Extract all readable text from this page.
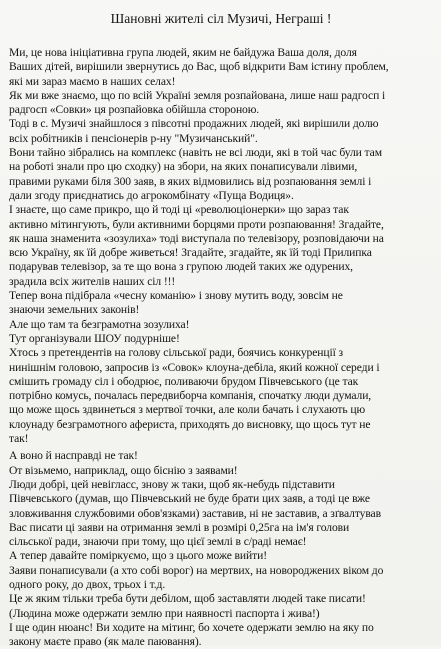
Шановні жителі сіл Музичі, Неграші !
Ми, це нова ініціативна група людей, яким не байдужа Ваша доля, доля
Ваших дітей, вирішили звернутись до Вас, щоб відкрити Вам істину проблем,
які ми зараз маємо в наших селах!
Як ми вже знаємо, що по всій Україні земля розпайована, лише наш радгосп і
радгосп «Совки» ця розпайовка обійшла стороною.
Тоді в с. Музичі знайшлося з півсотні продажних людей, які вирішили долю
всіх робітників і пенсіонерів р-ну "Музичанський".
Вони тайно зібрались на комплекс (навіть не всі люди, які в той час були там
на роботі знали про цю сходку) на збори, на яких понаписували лівими,
правими руками біля 300 заяв, в яких відмовились від розпаювання землі і
дали згоду приєднатись до агрокомбінату «Пуща Водиця».
І знаєте, що саме прикро, що й тоді ці «революціонерки» що зараз так
активно мітингують, були активними борцями проти розпаювання! Згадайте,
як наша знаменита «зозулиха» тоді виступала по телевізору, розповідаючи на
всю Україну, як їй добре живеться! Згадайте, згадайте, як їй тоді Прилипка
подарував телевізор, за те що вона з групою людей таких же одурених,
зрадила всіх жителів наших сіл !!!
Тепер вона підібрала «чесну команію» і знову мутить воду, зовсім не
знаючи земельних законів!
Але що там та безграмотна зозулиха!
Тут організували ШОУ подурніше!
Хтось з претендентів на голову сільської ради, боячись конкуренції з
нинішнім головою, запросив із «Совок» клоуна-дебіла, який кожної середи і
смішить громаду сіл і ободрює, поливаючи брудом Півчевського (це так
потрібно комусь, почалась передвиборча компанія, спочатку люди думали,
що може щось здвинеться з мертвої точки, але коли бачать і слухають цю
клоунаду безграмотного афериста, приходять до висновку, що щось тут не
так!
А воно й насправді не так!
От візьмемо, наприклад, ощо біснію з заявами!
Люди добрі, цей невігласс, знову ж таки, щоб як-небудь підставити
Півчевського (думав, що Півчевський не буде брати цих заяв, а тоді це вже
зловживання службовими обов'язками) заставив, ні не заставив, а зґвалтував
Вас писати ці заяви на отримання землі в розмірі 0,25га на ім'я голови
сільської ради, знаючи при тому, що цієї землі в с/раді немає!
А тепер давайте поміркуємо, що з цього може вийти!
Заяви понаписували (а хто собі ворог) на мертвих, на новороджених віком до
одного року, до двох, трьох і т.д.
Це ж яким тільки треба бути дебілом, щоб заставляти людей таке писати!
(Людина може одержати землю при наявності паспорта і жива!)
І ще один нюанс! Ви ходите на мітинг, бо хочете одержати землю на яку по
закону маєте право (як мале паювання).
